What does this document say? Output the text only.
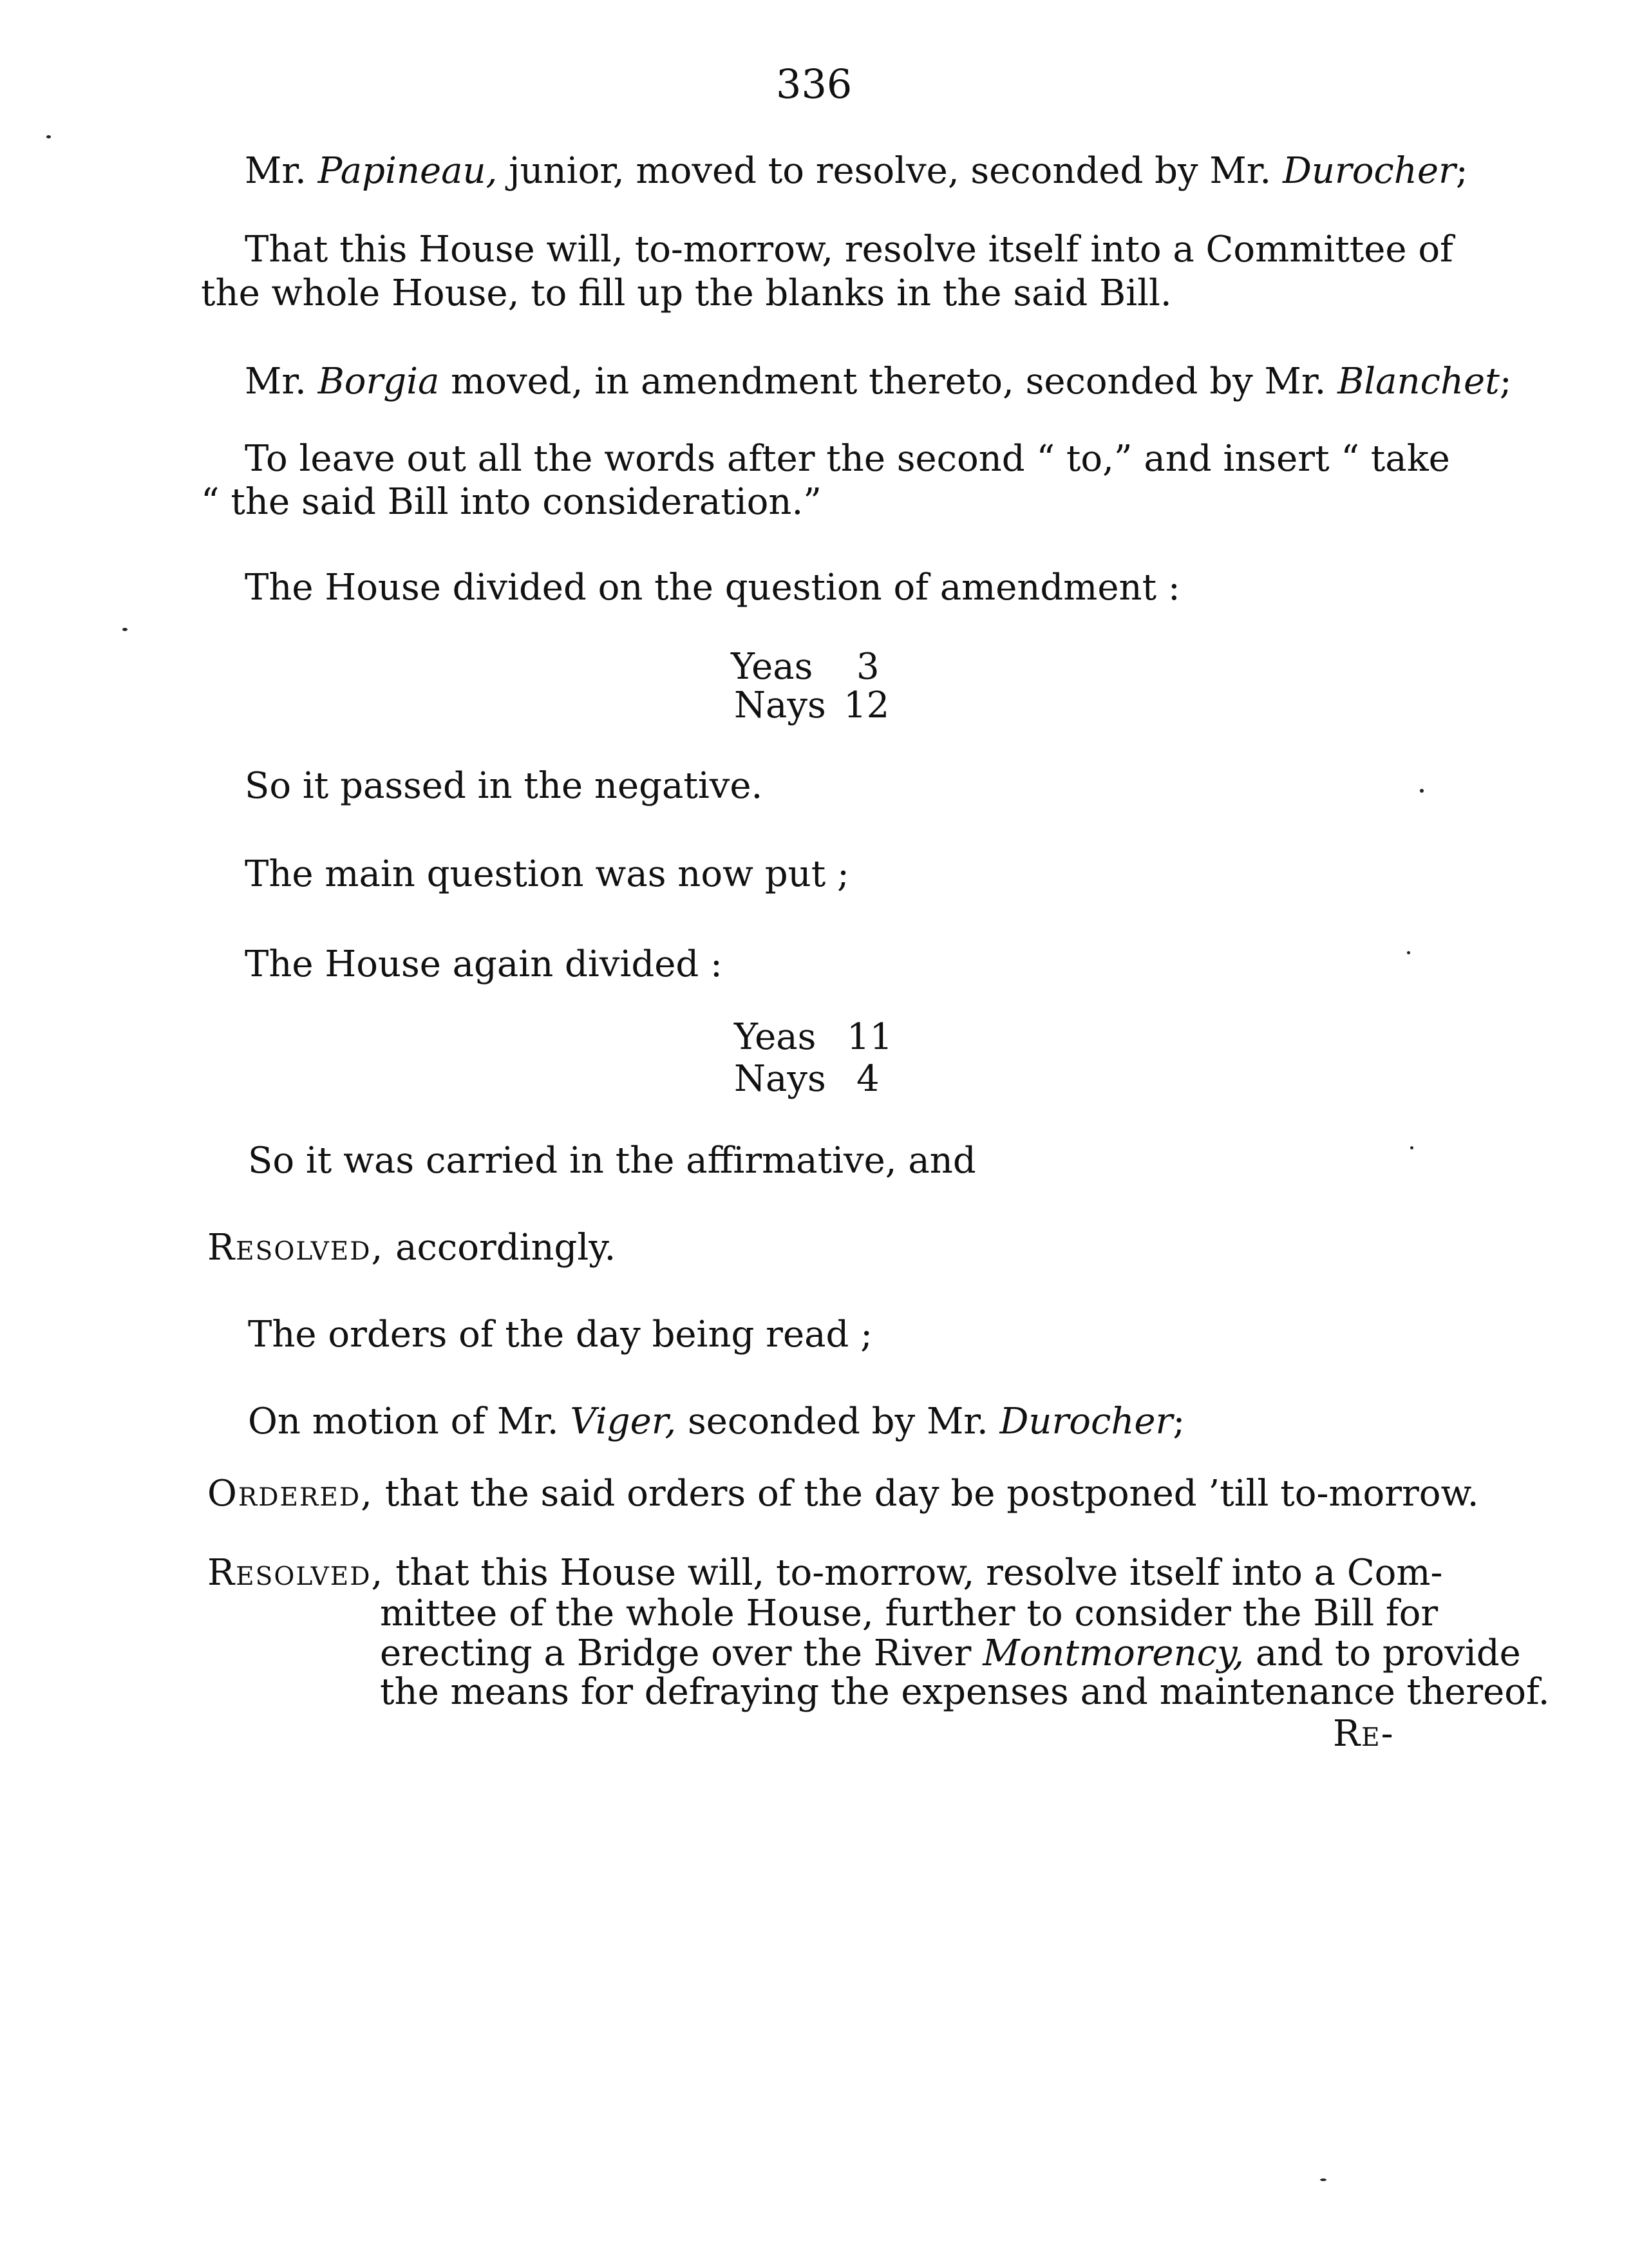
336
Mr. Papineau, junior, moved to resolve, seconded by Mr. Durocher;
That this House will, to-morrow, resolve itself into a Committee of
the whole House, to fill up the blanks in the said Bill.
Mr. Borgia moved, in amendment thereto, seconded by Mr. Blanchet;
To leave out all the words after the second “ to,” and insert “ take
“ the said Bill into consideration.”
The House divided on the question of amendment :
Yeas 3
Nays 12
So it passed in the negative.
The main question was now put ;
The House again divided :
Yeas 11
Nays 4
So it was carried in the affirmative, and
Resolved, accordingly.
The orders of the day being read ;
On motion of Mr. Viger, seconded by Mr. Durocher;
Ordered, that the said orders of the day be postponed ’till to-morrow.
Resolved, that this House will, to-morrow, resolve itself into a Com-
mittee of the whole House, further to consider the Bill for
erecting a Bridge over the River Montmorency, and to provide
the means for defraying the expenses and maintenance thereof.
Re-
